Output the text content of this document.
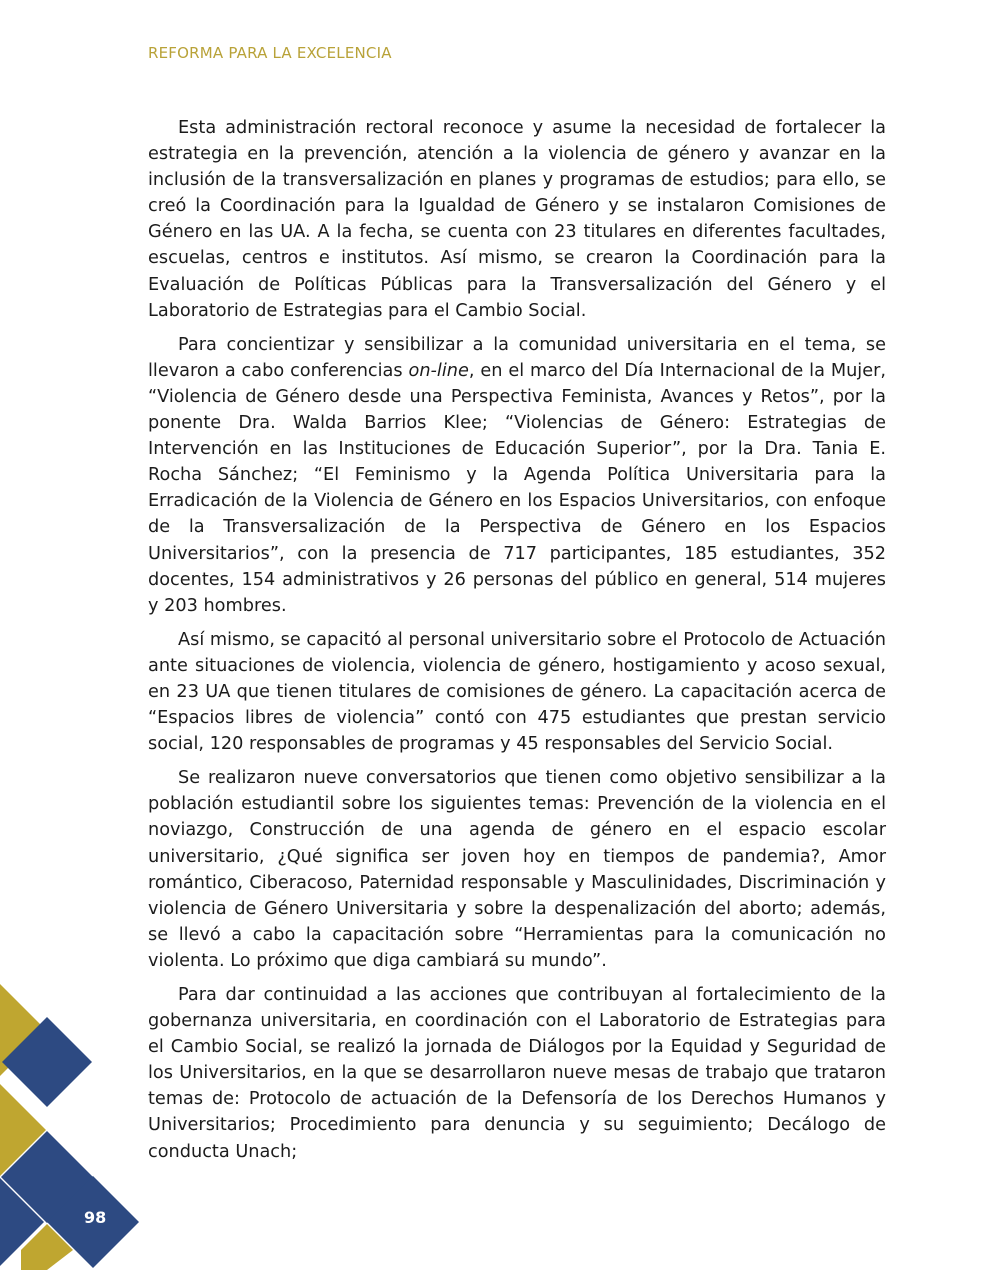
REFORMA PARA LA EXCELENCIA

Esta administración rectoral reconoce y asume la necesidad de fortalecer la estrategia en la prevención, atención a la violencia de género y avanzar en la inclusión de la transversalización en planes y programas de estudios; para ello, se creó la Coordinación para la Igualdad de Género y se instalaron Comisiones de Género en las UA. A la fecha, se cuenta con 23 titulares en diferentes facultades, escuelas, centros e institutos. Así mismo, se crearon la Coordinación para la Evaluación de Políticas Públicas para la Transversalización del Género y el Laboratorio de Estrategias para el Cambio Social.

Para concientizar y sensibilizar a la comunidad universitaria en el tema, se llevaron a cabo conferencias on-line, en el marco del Día Internacional de la Mujer, “Violencia de Género desde una Perspectiva Feminista, Avances y Retos”, por la ponente Dra. Walda Barrios Klee; “Violencias de Género: Estrategias de Intervención en las Instituciones de Educación Superior”, por la Dra. Tania E. Rocha Sánchez; “El Feminismo y la Agenda Política Universitaria para la Erradicación de la Violencia de Género en los Espacios Universitarios, con enfoque de la Transversalización de la Perspectiva de Género en los Espacios Universitarios”, con la presencia de 717 participantes, 185 estudiantes, 352 docentes, 154 administrativos y 26 personas del público en general, 514 mujeres y 203 hombres.

Así mismo, se capacitó al personal universitario sobre el Protocolo de Actuación ante situaciones de violencia, violencia de género, hostigamiento y acoso sexual, en 23 UA que tienen titulares de comisiones de género. La capacitación acerca de “Espacios libres de violencia” contó con 475 estudiantes que prestan servicio social, 120 responsables de programas y 45 responsables del Servicio Social.

Se realizaron nueve conversatorios que tienen como objetivo sensibilizar a la población estudiantil sobre los siguientes temas: Prevención de la violencia en el noviazgo, Construcción de una agenda de género en el espacio escolar universitario, ¿Qué significa ser joven hoy en tiempos de pandemia?, Amor romántico, Ciberacoso, Paternidad responsable y Masculinidades, Discriminación y violencia de Género Universitaria y sobre la despenalización del aborto; además, se llevó a cabo la capacitación sobre “Herramientas para la comunicación no violenta. Lo próximo que diga cambiará su mundo”.

Para dar continuidad a las acciones que contribuyan al fortalecimiento de la gobernanza universitaria, en coordinación con el Laboratorio de Estrategias para el Cambio Social, se realizó la jornada de Diálogos por la Equidad y Seguridad de los Universitarios, en la que se desarrollaron nueve mesas de trabajo que trataron temas de: Protocolo de actuación de la Defensoría de los Derechos Humanos y Universitarios; Procedimiento para denuncia y su seguimiento; Decálogo de conducta Unach;

98
